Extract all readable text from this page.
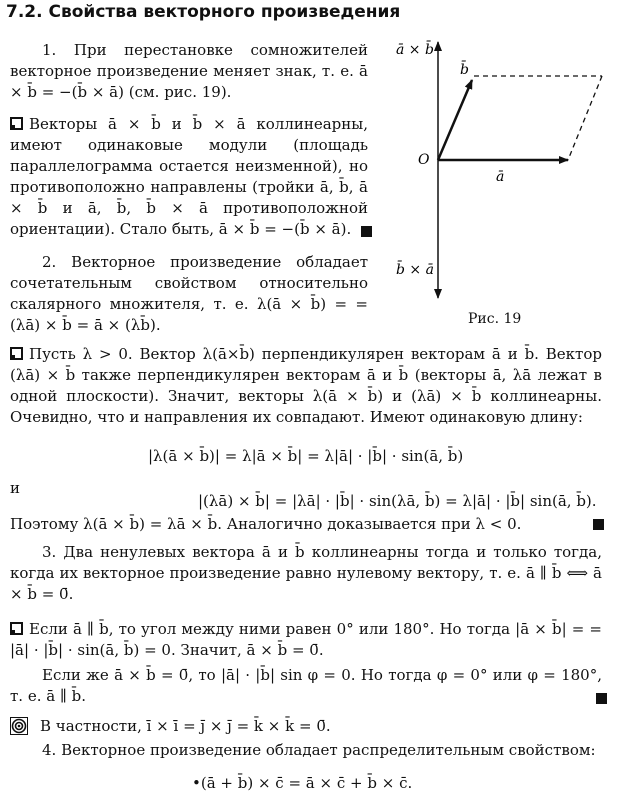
7.2. Свойства векторного произведения

1. При перестановке сомножителей векторное произведение меняет знак, т. е. ā × b̄ = −(b̄ × ā) (см. рис. 19).

Векторы ā × b̄ и b̄ × ā коллинеарны, имеют одинаковые модули (площадь параллелограмма остается неизменной), но противоположно направлены (тройки ā, b̄, ā × b̄ и ā, b̄, b̄ × ā противоположной ориентации). Стало быть, ā × b̄ = −(b̄ × ā).

2. Векторное произведение обладает сочетательным свойством относительно скалярного множителя, т. е. λ(ā × b̄) = = (λā) × b̄ = ā × (λb̄).

Пусть λ > 0. Вектор λ(ā×b̄) перпендикулярен векторам ā и b̄. Вектор (λā) × b̄ также перпендикулярен векторам ā и b̄ (векторы ā, λā лежат в одной плоскости). Значит, векторы λ(ā × b̄) и (λā) × b̄ коллинеарны. Очевидно, что и направления их совпадают. Имеют одинаковую длину:

|λ(ā × b̄)| = λ|ā × b̄| = λ|ā| · |b̄| · sin(ā, b̄)
и
|(λā) × b̄| = |λā| · |b̄| · sin(λā, b̄) = λ|ā| · |b̄| sin(ā, b̄).

Поэтому λ(ā × b̄) = λā × b̄. Аналогично доказывается при λ < 0.

3. Два ненулевых вектора ā и b̄ коллинеарны тогда и только тогда, когда их векторное произведение равно нулевому вектору, т. е. ā ∥ b̄ ⟺ ā × b̄ = 0̄.

Если ā ∥ b̄, то угол между ними равен 0° или 180°. Но тогда |ā × b̄| = = |ā| · |b̄| · sin(ā, b̄) = 0. Значит, ā × b̄ = 0̄.

Если же ā × b̄ = 0̄, то |ā| · |b̄| sin φ = 0. Но тогда φ = 0° или φ = 180°, т. е. ā ∥ b̄.

В частности, ī × ī = j̄ × j̄ = k̄ × k̄ = 0̄.

4. Векторное произведение обладает распределительным свойством:

•(ā + b̄) × c̄ = ā × c̄ + b̄ × c̄.
ā × b̄
b̄
O
ā
b̄ × ā
Рис. 19
